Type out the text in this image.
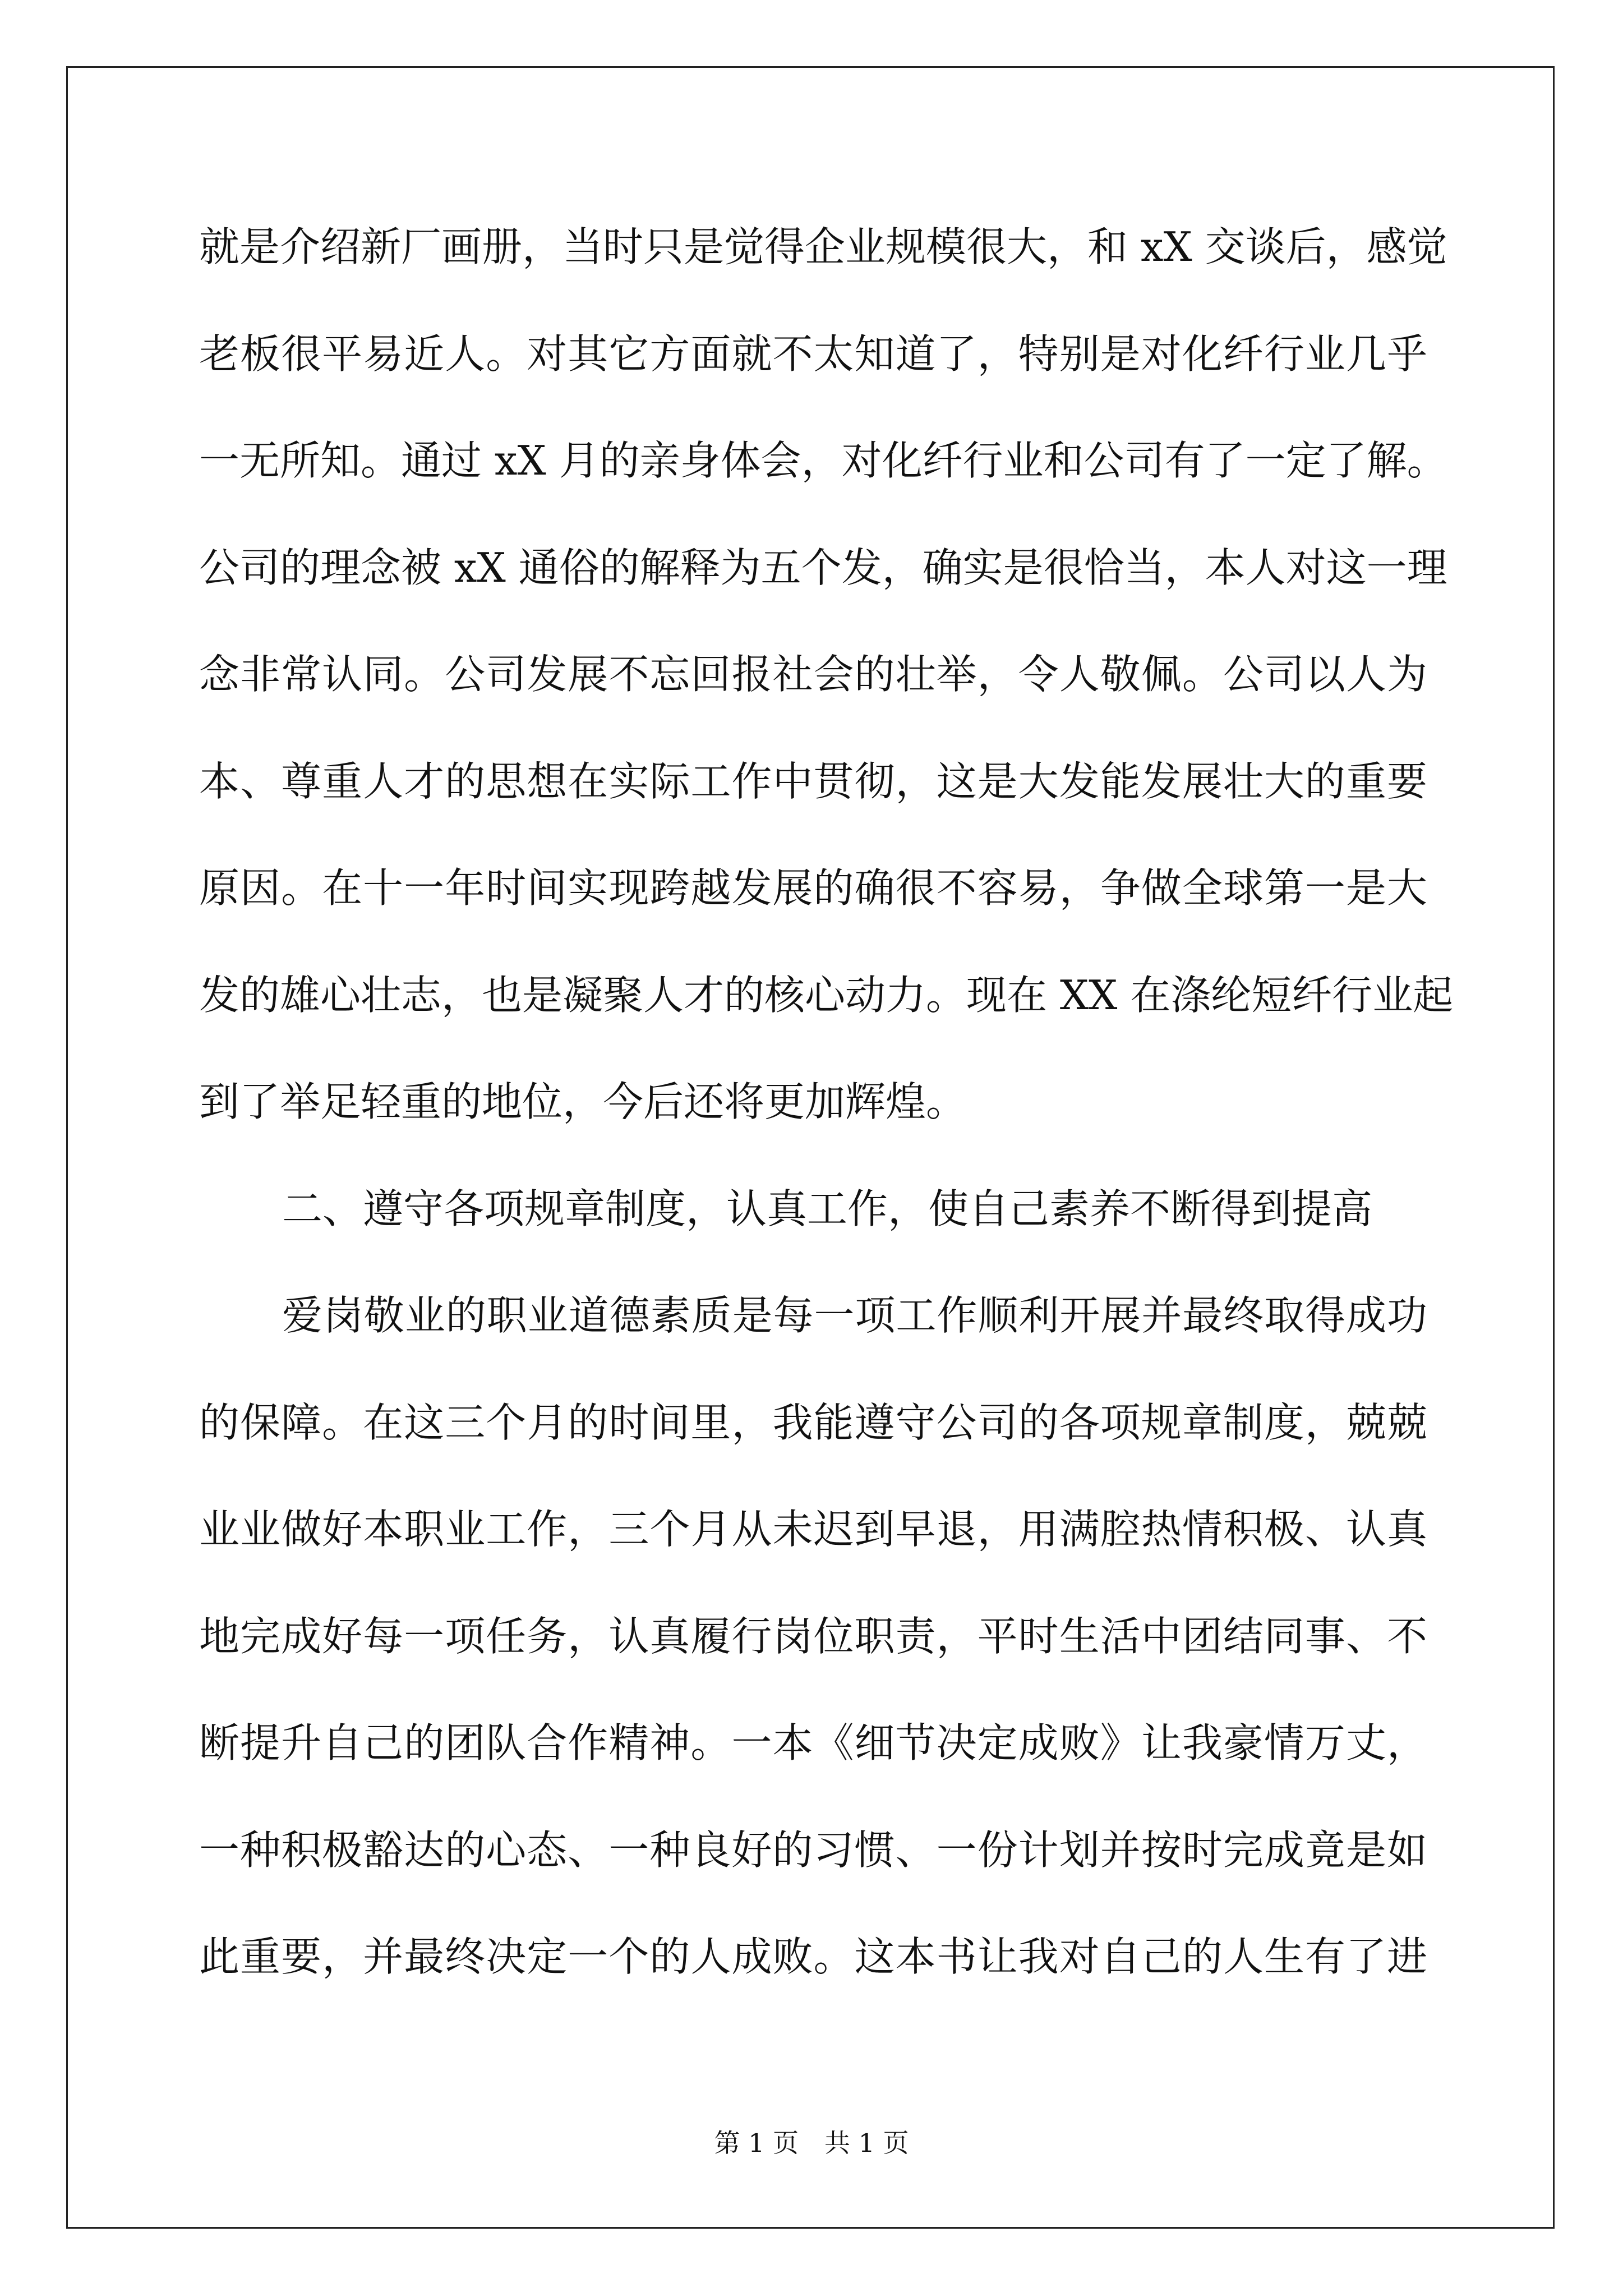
就是介绍新厂画册，当时只是觉得企业规模很大，和 xX 交谈后，感觉
老板很平易近人。对其它方面就不太知道了，特别是对化纤行业几乎
一无所知。通过 xX 月的亲身体会，对化纤行业和公司有了一定了解。
公司的理念被 xX 通俗的解释为五个发，确实是很恰当，本人对这一理
念非常认同。公司发展不忘回报社会的壮举，令人敬佩。公司以人为
本、尊重人才的思想在实际工作中贯彻，这是大发能发展壮大的重要
原因。在十一年时间实现跨越发展的确很不容易，争做全球第一是大
发的雄心壮志，也是凝聚人才的核心动力。现在 XX 在涤纶短纤行业起
到了举足轻重的地位，今后还将更加辉煌。
二、遵守各项规章制度，认真工作，使自己素养不断得到提高
爱岗敬业的职业道德素质是每一项工作顺利开展并最终取得成功
的保障。在这三个月的时间里，我能遵守公司的各项规章制度，兢兢
业业做好本职业工作，三个月从未迟到早退，用满腔热情积极、认真
地完成好每一项任务，认真履行岗位职责，平时生活中团结同事、不
断提升自己的团队合作精神。一本《细节决定成败》让我豪情万丈，
一种积极豁达的心态、一种良好的习惯、一份计划并按时完成竟是如
此重要，并最终决定一个的人成败。这本书让我对自己的人生有了进
第 1 页　共 1 页
